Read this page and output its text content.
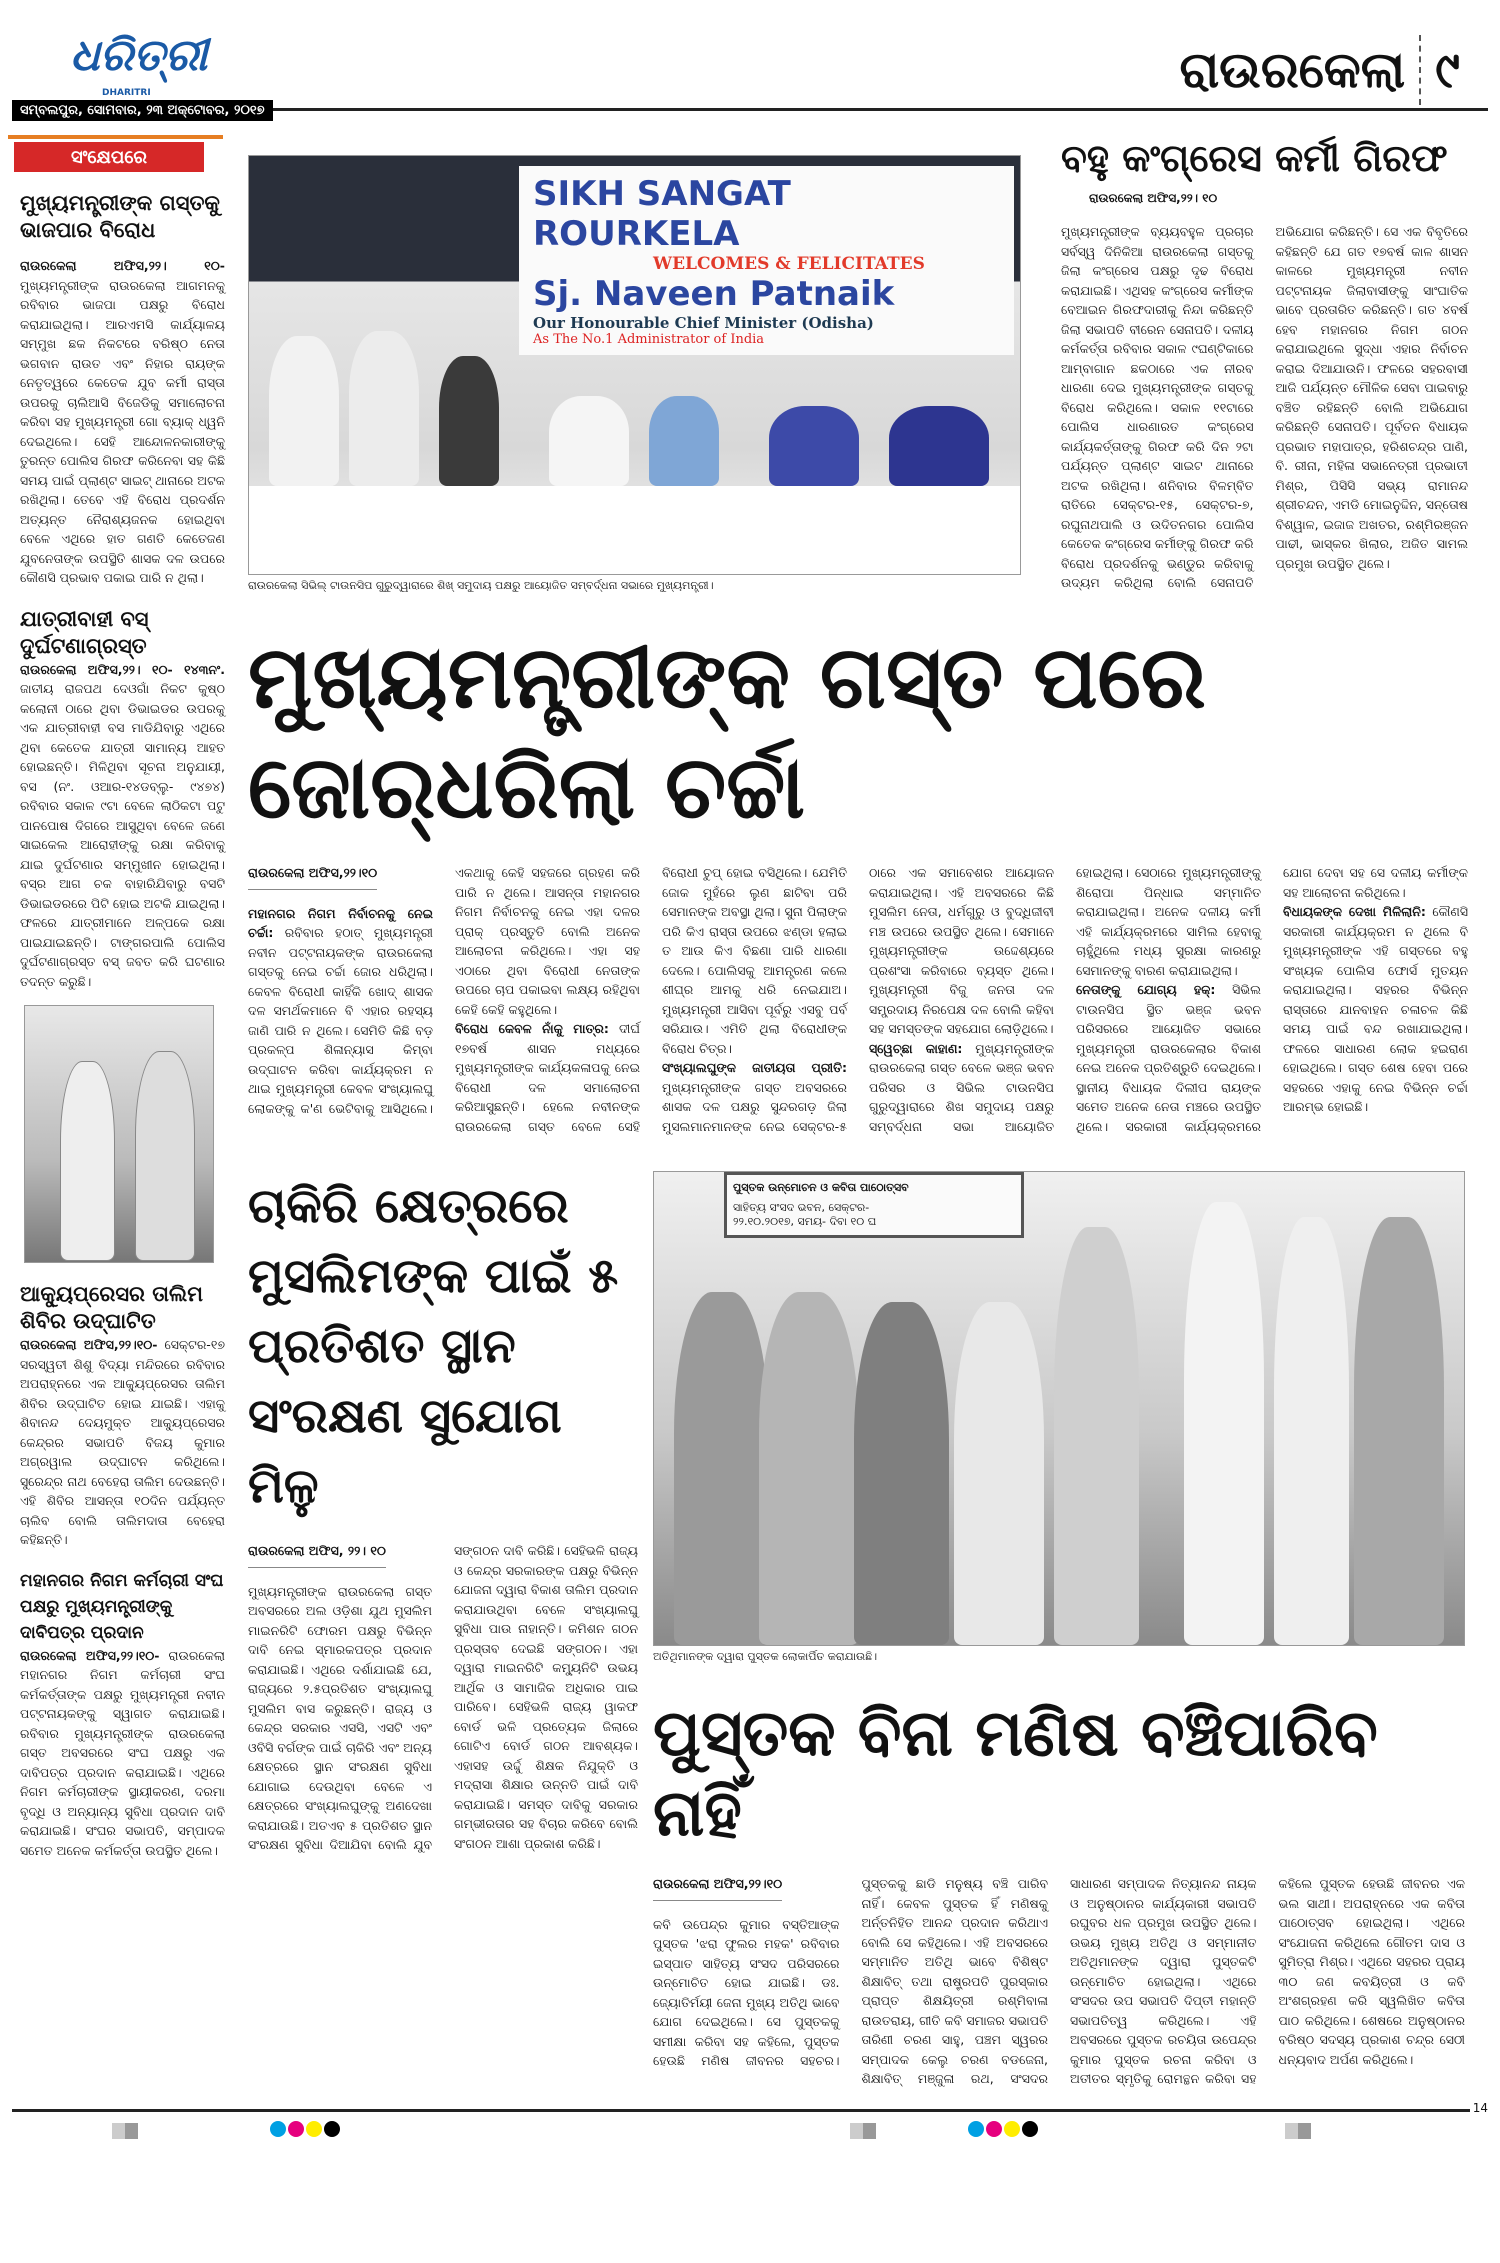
ଧରିତ୍ରୀ
DHARITRI	ରାଉରକେଲା ୯
ସମ୍ବଲପୁର, ସୋମବାର, ୨୩ ଅକ୍ଟୋବର, ୨୦୧୭
ସଂକ୍ଷେପରେ
ମୁଖ୍ୟମନ୍ତ୍ରୀଙ୍କ ଗସ୍ତକୁ ଭାଜପାର ବିରୋଧ

ରାଉରକେଲା ଅଫିସ,୨୨। ୧୦- ମୁଖ୍ୟମନ୍ତ୍ରୀଙ୍କ ରାଉରକେଲା ଆଗମନକୁ ରବିବାର ଭାଜପା ପକ୍ଷରୁ ବିରୋଧ କରାଯାଇଥିଲା। ଆରଏମସି କାର୍ଯ୍ୟାଳୟ ସମ୍ମୁଖ ଛକ ନିକଟରେ ବରିଷ୍ଠ ନେତା ଭଗବାନ ରାଉତ ଏବଂ ନିହାର ରାୟଙ୍କ ନେତୃତ୍ୱରେ କେତେକ ଯୁବ କର୍ମୀ ରାସ୍ତା ଉପରକୁ ଚାଲିଆସି ବିଜେଡିକୁ ସମାଲୋଚନା କରିବା ସହ ମୁଖ୍ୟମନ୍ତ୍ରୀ ଗୋ ବ୍ୟାକ୍ ଧ୍ୱନି ଦେଇଥିଲେ। ସେହି ଆନ୍ଦୋଳନକାରୀଙ୍କୁ ତୁରନ୍ତ ପୋଲିସ ଗିରଫ କରିନେବା ସହ କିଛି ସମୟ ପାଇଁ ପ୍ଲାଣ୍ଟ ସାଇଟ୍ ଥାନାରେ ଅଟକ ରଖିଥିଲା। ତେବେ ଏହି ବିରୋଧ ପ୍ରଦର୍ଶନ ଅତ୍ୟନ୍ତ ନୈରାଶ୍ୟଜନକ ହୋଇଥିବା ବେଳେ ଏଥିରେ ହାତ ଗଣତି କେତେଜଣ ଯୁବନେତାଙ୍କ ଉପସ୍ଥିତି ଶାସକ ଦଳ ଉପରେ କୌଣସି ପ୍ରଭାବ ପକାଇ ପାରି ନ ଥିଲା।

ଯାତ୍ରୀବାହୀ ବସ୍ ଦୁର୍ଘଟଣାଗ୍ରସ୍ତ

ରାଉରକେଲା ଅଫିସ,୨୨। ୧୦- ୧୪୩ନଂ. ଜାତୀୟ ରାଜପଥ ଦେଓଗାଁ ନିକଟ କୁଷ୍ଠ କଲୋନୀ ଠାରେ ଥିବା ଡିଭାଇଡର ଉପରକୁ ଏକ ଯାତ୍ରୀବାହୀ ବସ ମାଡିଯିବାରୁ ଏଥିରେ ଥିବା କେତେକ ଯାତ୍ରୀ ସାମାନ୍ୟ ଆହତ ହୋଇଛନ୍ତି। ମିଳିଥିବା ସୂଚନା ଅନୁଯାୟୀ, ବସ (ନଂ. ଓଆର-୧୪ଡବ୍ଲୁ- ୯୪୭୪) ରବିବାର ସକାଳ ୯ଟା ବେଳେ ଲାଠିକଟା ପଟୁ ପାନପୋଷ ଦିଗରେ ଆସୁଥିବା ବେଳେ ଜଣେ ସାଇକେଲ ଆରୋହୀଙ୍କୁ ରକ୍ଷା କରିବାକୁ ଯାଇ ଦୁର୍ଘଟଣାର ସମ୍ମୁଖୀନ ହୋଇଥିଲା। ବସ୍‌ର ଆଗ ଚକ ବାହାରିଯିବାରୁ ବସଟି ଡିଭାଇଡରରେ ପିଟି ହୋଇ ଅଟକି ଯାଇଥିଲା। ଫଳରେ ଯାତ୍ରୀମାନେ ଅଳ୍ପକେ ରକ୍ଷା ପାଇଯାଇଛନ୍ତି। ଟାଙ୍ଗରପାଲି ପୋଲିସ ଦୁର୍ଘଟଣାଗ୍ରସ୍ତ ବସ୍ ଜବତ କରି ଘଟଣାର ତଦନ୍ତ କରୁଛି।

ଆକ୍ୟୁପ୍ରେସର ତାଲିମ ଶିବିର ଉଦ୍‌ଘାଟିତ

ରାଉରକେଲା ଅଫିସ,୨୨।୧୦- ସେକ୍ଟର-୧୭ ସରସ୍ୱତୀ ଶିଶୁ ବିଦ୍ୟା ମନ୍ଦିରରେ ରବିବାର ଅପରାହ୍ନରେ ଏକ ଆକ୍ୟୁପ୍ରେସର ତାଲିମ ଶିବିର ଉଦ୍‌ଘାଟିତ ହୋଇ ଯାଇଛି। ଏହାକୁ ଶିବାନନ୍ଦ ଦେୟମୁକ୍ତ ଆକ୍ୟୁପ୍ରେସର କେନ୍ଦ୍ରର ସଭାପତି ବିଜୟ କୁମାର ଅଗ୍ରୱାଲ ଉଦ୍‌ଘାଟନ କରିଥିଲେ। ସୁରେନ୍ଦ୍ର ନାଥ ବେହେରା ତାଲିମ ଦେଉଛନ୍ତି। ଏହି ଶିବିର ଆସନ୍ତା ୧୦ଦିନ ପର୍ଯ୍ୟନ୍ତ ଚାଲିବ ବୋଲି ତାଲିମଦାତା ବେହେରା କହିଛନ୍ତି।

ମହାନଗର ନିଗମ କର୍ମଚାରୀ ସଂଘ ପକ୍ଷରୁ ମୁଖ୍ୟମନ୍ତ୍ରୀଙ୍କୁ ଦାବିପତ୍ର ପ୍ରଦାନ

ରାଉରକେଲା ଅଫିସ,୨୨।୧୦- ରାଉରକେଲା ମହାନଗର ନିଗମ କର୍ମଚାରୀ ସଂଘ କର୍ମକର୍ତ୍ତାଙ୍କ ପକ୍ଷରୁ ମୁଖ୍ୟମନ୍ତ୍ରୀ ନବୀନ ପଟ୍ଟନାୟକଙ୍କୁ ସ୍ୱାଗତ କରାଯାଇଛି। ରବିବାର ମୁଖ୍ୟମନ୍ତ୍ରୀଙ୍କ ରାଉରକେଲା ଗସ୍ତ ଅବସରରେ ସଂଘ ପକ୍ଷରୁ ଏକ ଦାବିପତ୍ର ପ୍ରଦାନ କରାଯାଇଛି। ଏଥିରେ ନିଗମ କର୍ମଚାରୀଙ୍କ ସ୍ଥାୟୀକରଣ, ଦରମା ବୃଦ୍ଧି ଓ ଅନ୍ୟାନ୍ୟ ସୁବିଧା ପ୍ରଦାନ ଦାବି କରାଯାଇଛି। ସଂଘର ସଭାପତି, ସମ୍ପାଦକ ସମେତ ଅନେକ କର୍ମକର୍ତ୍ତା ଉପସ୍ଥିତ ଥିଲେ।

SIKH SANGAT ROURKELA
WELCOMES & FELICITATES
Sj. Naveen Patnaik
Our Honourable Chief Minister (Odisha)
As The No.1 Administrator of India
ରାଉରକେଲା ସିଭିଲ୍ ଟାଉନସିପ ଗୁରୁଦ୍ୱାରାରେ ଶିଖ୍ ସମୁଦାୟ ପକ୍ଷରୁ ଆୟୋଜିତ ସମ୍ବର୍ଦ୍ଧନା ସଭାରେ ମୁଖ୍ୟମନ୍ତ୍ରୀ।
ବହୁ କଂଗ୍ରେସ କର୍ମୀ ଗିରଫ
ରାଉରକେଲା ଅଫିସ,୨୨। ୧୦
ମୁଖ୍ୟମନ୍ତ୍ରୀଙ୍କ ବ୍ୟୟବହୁଳ ପ୍ରଚାର ସର୍ବସ୍ୱ ଦିନିକିଆ ରାଉରକେଲା ଗସ୍ତକୁ ଜିଲା କଂଗ୍ରେସ ପକ୍ଷରୁ ଦୃଢ ବିରୋଧ କରାଯାଇଛି। ଏଥିସହ କଂଗ୍ରେସ କର୍ମୀଙ୍କ ବେଆଇନ ଗିରଫଦାରୀକୁ ନିନ୍ଦା କରିଛନ୍ତି ଜିଲା ସଭାପତି ବୀରେନ ସେନାପତି। ଦଳୀୟ କର୍ମକର୍ତ୍ତା ରବିବାର ସକାଳ ୯ଘଣ୍ଟିକାରେ ଆମ୍ବାଗାନ ଛକଠାରେ ଏକ ନୀରବ ଧାରଣା ଦେଇ ମୁଖ୍ୟମନ୍ତ୍ରୀଙ୍କ ଗସ୍ତକୁ ବିରୋଧ କରିଥିଲେ। ସକାଳ ୧୧ଟାରେ ପୋଲିସ ଧାରଣାରତ କଂଗ୍ରେସ କାର୍ଯ୍ୟକର୍ତ୍ତାଙ୍କୁ ଗିରଫ କରି ଦିନ ୨ଟା ପର୍ଯ୍ୟନ୍ତ ପ୍ଲାଣ୍ଟ ସାଇଟ ଥାନାରେ ଅଟକ ରଖିଥିଲା। ଶନିବାର ବିଳମ୍ବିତ ରାତିରେ ସେକ୍ଟର-୧୫, ସେକ୍ଟର-୭, ରଘୁନାଥପାଲି ଓ ଉଦିତନଗର ପୋଲିସ କେତେକ କଂଗ୍ରେସ କର୍ମୀଙ୍କୁ ଗିରଫ କରି ବିରୋଧ ପ୍ରଦର୍ଶନକୁ ଭଣ୍ଡୁର କରିବାକୁ ଉଦ୍ୟମ କରିଥିଲା ବୋଲି ସେନାପତି ଅଭିଯୋଗ କରିଛନ୍ତି। ସେ ଏକ ବିବୃତିରେ କହିଛନ୍ତି ଯେ ଗତ ୧୭ବର୍ଷ କାଳ ଶାସନ କାଳରେ ମୁଖ୍ୟମନ୍ତ୍ରୀ ନବୀନ ପଟ୍ଟନାୟକ ଜିଲାବାସୀଙ୍କୁ ସାଂଘାତିକ ଭାବେ ପ୍ରତାରିତ କରିଛନ୍ତି। ଗତ ୪ବର୍ଷ ହେବ ମହାନଗର ନିଗମ ଗଠନ କରାଯାଇଥିଲେ ସୁଦ୍ଧା ଏହାର ନିର୍ବାଚନ କରାଇ ଦିଆଯାଉନି। ଫଳରେ ସହରବାସୀ ଆଜି ପର୍ଯ୍ୟନ୍ତ ମୌଳିକ ସେବା ପାଇବାରୁ ବଞ୍ଚିତ ରହିଛନ୍ତି ବୋଲି ଅଭିଯୋଗ କରିଛନ୍ତି ସେନାପତି। ପୂର୍ବତନ ବିଧାୟକ ପ୍ରଭାତ ମହାପାତ୍ର, ହରିଶଚନ୍ଦ୍ର ପାଣି, ବି. ରୀନା, ମହିଳା ସଭାନେତ୍ରୀ ପ୍ରଭାତୀ ମିଶ୍ର, ପିସିସି ସଭ୍ୟ ରାମାନନ୍ଦ ଶ୍ରୀଚନ୍ଦନ, ଏମଡି ମୋଇନୁଦ୍ଦିନ, ସନ୍ତୋଷ ବିଶ୍ୱାଳ, ଇଜାଜ ଅଖତର, ରଶ୍ମିରଞ୍ଜନ ପାଢୀ, ଭାସ୍କର ଖିଲାର, ଅଜିତ ସାମଲ ପ୍ରମୁଖ ଉପସ୍ଥିତ ଥିଲେ।
ମୁଖ୍ୟମନ୍ତ୍ରୀଙ୍କ ଗସ୍ତ ପରେ ଜୋର୍‌ଧରିଲା ଚର୍ଚ୍ଚା
ରାଉରକେଲା ଅଫିସ,୨୨।୧୦

ମହାନଗର ନିଗମ ନିର୍ବାଚନକୁ ନେଇ ଚର୍ଚ୍ଚା: ରବିବାର ହଠାତ୍ ମୁଖ୍ୟମନ୍ତ୍ରୀ ନବୀନ ପଟ୍ଟନାୟକଙ୍କ ରାଉରକେଲା ଗସ୍ତକୁ ନେଇ ଚର୍ଚ୍ଚା ଜୋର ଧରିଥିଲା। କେବଳ ବିରୋଧୀ କାହିଁକି ଖୋଦ୍ ଶାସକ ଦଳ ସମର୍ଥକମାନେ ବି ଏହାର ରହସ୍ୟ ଜାଣି ପାରି ନ ଥିଲେ। ସେମିତି କିଛି ବଡ଼ ପ୍ରକଳ୍ପ ଶିଳାନ୍ୟାସ କିମ୍ବା ଉଦ୍‌ଘାଟନ କରିବା କାର୍ଯ୍ୟକ୍ରମ ନ ଥାଇ ମୁଖ୍ୟମନ୍ତ୍ରୀ କେବଳ ସଂଖ୍ୟାଲଘୁ ଲୋକଙ୍କୁ କ'ଣ ଭେଟିବାକୁ ଆସିଥିଲେ। ଏକଥାକୁ କେହି ସହଜରେ ଗ୍ରହଣ କରି ପାରି ନ ଥିଲେ। ଆସନ୍ତା ମହାନଗର ନିଗମ ନିର୍ବାଚନକୁ ନେଇ ଏହା ଦଳର ପ୍ରାକ୍ ପ୍ରସ୍ତୁତି ବୋଲି ଅନେକ ଆଲୋଚନା କରିଥିଲେ। ଏହା ସହ ଏଠାରେ ଥିବା ବିରୋଧୀ ନେତାଙ୍କ ଉପରେ ଚାପ ପକାଇବା ଲକ୍ଷ୍ୟ ରହିଥିବା କେହି କେହି କହୁଥିଲେ।

ବିରୋଧ କେବଳ ନାଁକୁ ମାତ୍ର: ଦୀର୍ଘ ୧୭ବର୍ଷ ଶାସନ ମଧ୍ୟରେ ମୁଖ୍ୟମନ୍ତ୍ରୀଙ୍କ କାର୍ଯ୍ୟକଳାପକୁ ନେଇ ବିରୋଧୀ ଦଳ ସମାଲୋଚନା କରିଆସୁଛନ୍ତି। ହେଲେ ନବୀନଙ୍କ ରାଉରକେଲା ଗସ୍ତ ବେଳେ ସେହି ବିରୋଧୀ ଚୁପ୍ ହୋଇ ବସିଥିଲେ। ଯେମିତି ଜୋକ ମୁହଁରେ ଲୁଣ ଛାଟିବା ପରି ସେମାନଙ୍କ ଅବସ୍ଥା ଥିଲା। ସୁନା ପିଲାଙ୍କ ପରି କିଏ ରାସ୍ତା ଉପରେ ଝଣ୍ଡା ହଲାଇ ତ ଆଉ କିଏ ବିଛଣା ପାରି ଧାରଣା ଦେଲେ। ପୋଲିସକୁ ଆମନ୍ତ୍ରଣ କଲେ ଶୀଘ୍ର ଆମକୁ ଧରି ନେଇଯାଅ। ମୁଖ୍ୟମନ୍ତ୍ରୀ ଆସିବା ପୂର୍ବରୁ ଏସବୁ ପର୍ବ ସରିଯାଉ। ଏମିତି ଥିଲା ବିରୋଧୀଙ୍କ ବିରୋଧ ଚିତ୍ର।

ସଂଖ୍ୟାଲଘୁଙ୍କ ଜାତୀୟତା ପ୍ରୀତି: ମୁଖ୍ୟମନ୍ତ୍ରୀଙ୍କ ଗସ୍ତ ଅବସରରେ ଶାସକ ଦଳ ପକ୍ଷରୁ ସୁନ୍ଦରଗଡ଼ ଜିଲା ମୁସଲମାନମାନଙ୍କ ନେଇ ସେକ୍ଟର-୫ ଠାରେ ଏକ ସମାବେଶର ଆୟୋଜନ କରାଯାଇଥିଲା। ଏହି ଅବସରରେ କିଛି ମୁସଲିମ ନେତା, ଧର୍ମଗୁରୁ ଓ ବୁଦ୍ଧିଜୀବୀ ମଞ୍ଚ ଉପରେ ଉପସ୍ଥିତ ଥିଲେ। ସେମାନେ ମୁଖ୍ୟମନ୍ତ୍ରୀଙ୍କ ଉଦ୍ଦେଶ୍ୟରେ ପ୍ରଶଂସା କରିବାରେ ବ୍ୟସ୍ତ ଥିଲେ। ମୁଖ୍ୟମନ୍ତ୍ରୀ ବିଜୁ ଜନତା ଦଳ ସମ୍ପ୍ରଦାୟ ନିରପେକ୍ଷ ଦଳ ବୋଲି କହିବା ସହ ସମସ୍ତଙ୍କ ସହଯୋଗ ଲୋଡ଼ିଥିଲେ।

ସ୍ୱେଚ୍ଛା କାହାଣ: ମୁଖ୍ୟମନ୍ତ୍ରୀଙ୍କ ରାଉରକେଲା ଗସ୍ତ ବେଳେ ଭଞ୍ଜ ଭବନ ପରିସର ଓ ସିଭିଲ ଟାଉନସିପ ଗୁରୁଦ୍ୱାରାରେ ଶିଖ ସମୁଦାୟ ପକ୍ଷରୁ ସମ୍ବର୍ଦ୍ଧନା ସଭା ଆୟୋଜିତ ହୋଇଥିଲା। ସେଠାରେ ମୁଖ୍ୟମନ୍ତ୍ରୀଙ୍କୁ ଶିରୋପା ପିନ୍ଧାଇ ସମ୍ମାନିତ କରାଯାଇଥିଲା। ଅନେକ ଦଳୀୟ କର୍ମୀ ଏହି କାର୍ଯ୍ୟକ୍ରମରେ ସାମିଲ ହେବାକୁ ଚାହୁଁଥିଲେ ମଧ୍ୟ ସୁରକ୍ଷା କାରଣରୁ ସେମାନଙ୍କୁ ବାରଣ କରାଯାଇଥିଲା।

ନେତାଙ୍କୁ ଯୋଗ୍ୟ ହକ୍: ସିଭିଲ ଟାଉନସିପ ସ୍ଥିତ ଭଞ୍ଜ ଭବନ ପରିସରରେ ଆୟୋଜିତ ସଭାରେ ମୁଖ୍ୟମନ୍ତ୍ରୀ ରାଉରକେଲାର ବିକାଶ ନେଇ ଅନେକ ପ୍ରତିଶ୍ରୁତି ଦେଇଥିଲେ। ସ୍ଥାନୀୟ ବିଧାୟକ ଦିଲୀପ ରାୟଙ୍କ ସମେତ ଅନେକ ନେତା ମଞ୍ଚରେ ଉପସ୍ଥିତ ଥିଲେ। ସରକାରୀ କାର୍ଯ୍ୟକ୍ରମରେ ଯୋଗ ଦେବା ସହ ସେ ଦଳୀୟ କର୍ମୀଙ୍କ ସହ ଆଲୋଚନା କରିଥିଲେ।

ବିଧାୟକଙ୍କ ଦେଖା ମିଳିଲାନି: କୌଣସି ସରକାରୀ କାର୍ଯ୍ୟକ୍ରମ ନ ଥିଲେ ବି ମୁଖ୍ୟମନ୍ତ୍ରୀଙ୍କ ଏହି ଗସ୍ତରେ ବହୁ ସଂଖ୍ୟକ ପୋଲିସ ଫୋର୍ସ ମୁତୟନ କରାଯାଇଥିଲା। ସହରର ବିଭିନ୍ନ ରାସ୍ତାରେ ଯାନବାହନ ଚଳାଚଳ କିଛି ସମୟ ପାଇଁ ବନ୍ଦ ରଖାଯାଇଥିଲା। ଫଳରେ ସାଧାରଣ ଲୋକ ହଇରାଣ ହୋଇଥିଲେ। ଗସ୍ତ ଶେଷ ହେବା ପରେ ସହରରେ ଏହାକୁ ନେଇ ବିଭିନ୍ନ ଚର୍ଚ୍ଚା ଆରମ୍ଭ ହୋଇଛି।

ଚାକିରି କ୍ଷେତ୍ରରେ ମୁସଲିମଙ୍କ ପାଇଁ ୫ ପ୍ରତିଶତ ସ୍ଥାନ ସଂରକ୍ଷଣ ସୁଯୋଗ ମିଳୁ
ରାଉରକେଲା ଅଫିସ, ୨୨। ୧୦

ମୁଖ୍ୟମନ୍ତ୍ରୀଙ୍କ ରାଉରକେଲା ଗସ୍ତ ଅବସରରେ ଅଲ ଓଡ଼ିଶା ଯୁଥ ମୁସଲିମ ମାଇନରିଟି ଫୋରମ ପକ୍ଷରୁ ବିଭିନ୍ନ ଦାବି ନେଇ ସ୍ମାରକପତ୍ର ପ୍ରଦାନ କରାଯାଇଛି। ଏଥିରେ ଦର୍ଶାଯାଇଛି ଯେ, ରାଜ୍ୟରେ ୨.୫ପ୍ରତିଶତ ସଂଖ୍ୟାଲଘୁ ମୁସଲିମ ବାସ କରୁଛନ୍ତି। ରାଜ୍ୟ ଓ କେନ୍ଦ୍ର ସରକାର ଏସସି, ଏସଟି ଏବଂ ଓବିସି ବର୍ଗଙ୍କ ପାଇଁ ଚାକିରି ଏବଂ ଅନ୍ୟ କ୍ଷେତ୍ରରେ ସ୍ଥାନ ସଂରକ୍ଷଣ ସୁବିଧା ଯୋଗାଇ ଦେଉଥିବା ବେଳେ ଏ କ୍ଷେତ୍ରରେ ସଂଖ୍ୟାଲଘୁଙ୍କୁ ଅଣଦେଖା କରାଯାଉଛି। ଅତଏବ ୫ ପ୍ରତିଶତ ସ୍ଥାନ ସଂରକ୍ଷଣ ସୁବିଧା ଦିଆଯିବା ବୋଲି ଯୁବ ସଙ୍ଗଠନ ଦାବି କରିଛି। ସେହିଭଳି ରାଜ୍ୟ ଓ କେନ୍ଦ୍ର ସରକାରଙ୍କ ପକ୍ଷରୁ ବିଭିନ୍ନ ଯୋଜନା ଦ୍ୱାରା ବିକାଶ ତାଲିମ ପ୍ରଦାନ କରାଯାଉଥିବା ବେଳେ ସଂଖ୍ୟାଲଘୁ ସୁବିଧା ପାଉ ନାହାନ୍ତି। କମିଶନ ଗଠନ ପ୍ରସ୍ତାବ ଦେଇଛି ସଙ୍ଗଠନ। ଏହା ଦ୍ୱାରା ମାଇନରିଟି କମ୍ୟୁନିଟି ଉଭୟ ଆର୍ଥିକ ଓ ସାମାଜିକ ଅଧିକାର ପାଇ ପାରିବେ। ସେହିଭଳି ରାଜ୍ୟ ୱାକଫ ବୋର୍ଡ ଭଳି ପ୍ରତ୍ୟେକ ଜିଲାରେ ଗୋଟିଏ ବୋର୍ଡ ଗଠନ ଆବଶ୍ୟକ। ଏହାସହ ଉର୍ଦ୍ଦୁ ଶିକ୍ଷକ ନିଯୁକ୍ତି ଓ ମଦ୍ରାସା ଶିକ୍ଷାର ଉନ୍ନତି ପାଇଁ ଦାବି କରାଯାଇଛି। ସମସ୍ତ ଦାବିକୁ ସରକାର ଗମ୍ଭୀରତାର ସହ ବିଚାର କରିବେ ବୋଲି ସଂଗଠନ ଆଶା ପ୍ରକାଶ କରିଛି।

ପୁସ୍ତକ ଉନ୍ମୋଚନ ଓ କବିତା ପାଠୋତ୍ସବ
ସାହିତ୍ୟ ସଂସଦ ଭବନ, ସେକ୍ଟର-
୨୨.୧୦.୨୦୧୭, ସମୟ- ଦିବା ୧୦ ଘ
ଅତିଥିମାନଙ୍କ ଦ୍ୱାରା ପୁସ୍ତକ ଲୋକାର୍ପିତ କରାଯାଉଛି।
ପୁସ୍ତକ ବିନା ମଣିଷ ବଞ୍ଚିପାରିବ ନାହିଁ
ରାଉରକେଲା ଅଫିସ,୨୨।୧୦

କବି ଉପେନ୍ଦ୍ର କୁମାର ବସ୍ତିଆଙ୍କ ପୁସ୍ତକ 'ଝରା ଫୁଲର ମହକ' ରବିବାର ଇସ୍ପାତ ସାହିତ୍ୟ ସଂସଦ ପରିସରରେ ଉନ୍ମୋଚିତ ହୋଇ ଯାଇଛି। ଡଃ. ଜ୍ୟୋତିର୍ମୟୀ ଜେନା ମୁଖ୍ୟ ଅତିଥି ଭାବେ ଯୋଗ ଦେଇଥିଲେ। ସେ ପୁସ୍ତକକୁ ସମୀକ୍ଷା କରିବା ସହ କହିଲେ, ପୁସ୍ତକ ହେଉଛି ମଣିଷ ଜୀବନର ସହଚର। ପୁସ୍ତକକୁ ଛାଡି ମନୁଷ୍ୟ ବଞ୍ଚି ପାରିବ ନାହିଁ। କେବଳ ପୁସ୍ତକ ହିଁ ମଣିଷକୁ ଅର୍ନ୍ତନିହିତ ଆନନ୍ଦ ପ୍ରଦାନ କରିଥାଏ ବୋଲି ସେ କହିଥିଲେ। ଏହି ଅବସରରେ ସମ୍ମାନିତ ଅତିଥି ଭାବେ ବିଶିଷ୍ଟ ଶିକ୍ଷାବିତ୍ ତଥା ରାଷ୍ଟ୍ରପତି ପୁରସ୍କାର ପ୍ରାପ୍ତ ଶିକ୍ଷୟିତ୍ରୀ ରଶ୍ମିବାଳା ରାଉତରାୟ, ଗୀତି କବି ସମାଜର ସଭାପତି ତାରିଣୀ ଚରଣ ସାହୁ, ପଞ୍ଚମ ସ୍ୱରର ସମ୍ପାଦକ କେଲୁ ଚରଣ ବଡଜେନା, ଶିକ୍ଷାବିତ୍ ମଞ୍ଜୁଳା ରଥ, ସଂସଦର ସାଧାରଣ ସମ୍ପାଦକ ନିତ୍ୟାନନ୍ଦ ନାୟକ ଓ ଅନୁଷ୍ଠାନର କାର୍ଯ୍ୟକାରୀ ସଭାପତି ରଘୁବର ଧଳ ପ୍ରମୁଖ ଉପସ୍ଥିତ ଥିଲେ। ଉଭୟ ମୁଖ୍ୟ ଅତିଥି ଓ ସମ୍ମାନୀତ ଅତିଥିମାନଙ୍କ ଦ୍ୱାରା ପୁସ୍ତକଟି ଉନ୍ମୋଚିତ ହୋଇଥିଲା। ଏଥିରେ ସଂସଦର ଉପ ସଭାପତି ଦିପ୍ତୀ ମହାନ୍ତି ସଭାପତିତ୍ୱ କରିଥିଲେ। ଏହି ଅବସରରେ ପୁସ୍ତକ ରଚୟିତା ଉପେନ୍ଦ୍ର କୁମାର ପୁସ୍ତକ ରଚନା କରିବା ଓ ଅତୀତର ସ୍ମୃତିକୁ ରୋମନ୍ଥନ କରିବା ସହ କହିଲେ ପୁସ୍ତକ ହେଉଛି ଜୀବନର ଏକ ଭଲ ସାଥୀ। ଅପରାହ୍ନରେ ଏକ କବିତା ପାଠୋତ୍ସବ ହୋଇଥିଲା। ଏଥିରେ ସଂଯୋଜନା କରିଥିଲେ ଗୌତମ ଦାସ ଓ ସୁମିତ୍ରା ମିଶ୍ର। ଏଥିରେ ସହରର ପ୍ରାୟ ୩୦ ଜଣ କବୟିତ୍ରୀ ଓ କବି ଅଂଶଗ୍ରହଣ କରି ସ୍ୱଲିଖିତ କବିତା ପାଠ କରିଥିଲେ। ଶେଷରେ ଅନୁଷ୍ଠାନର ବରିଷ୍ଠ ସଦସ୍ୟ ପ୍ରକାଶ ଚନ୍ଦ୍ର ସେଠୀ ଧନ୍ୟବାଦ ଅର୍ପଣ କରିଥିଲେ।

14
